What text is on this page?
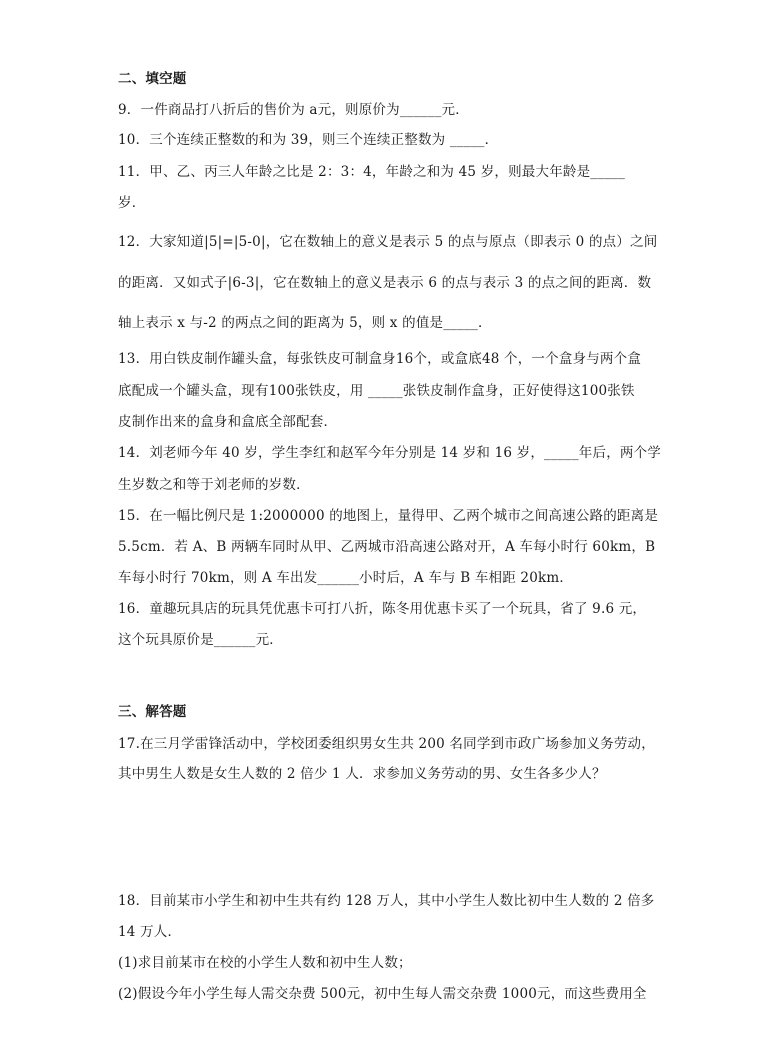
二、填空题
9．一件商品打八折后的售价为 a元，则原价为______元．
10．三个连续正整数的和为 39，则三个连续正整数为 _____．
11．甲、乙、丙三人年龄之比是 2：3：4，年龄之和为 45 岁，则最大年龄是_____
岁．
12．大家知道|5|=|5-0|，它在数轴上的意义是表示 5 的点与原点（即表示 0 的点）之间
的距离．又如式子|6-3|，它在数轴上的意义是表示 6 的点与表示 3 的点之间的距离．数
轴上表示 x 与-2 的两点之间的距离为 5，则 x 的值是_____．
13．用白铁皮制作罐头盒，每张铁皮可制盒身16个，或盒底48 个，一个盒身与两个盒
底配成一个罐头盒，现有100张铁皮，用 _____张铁皮制作盒身，正好使得这100张铁
皮制作出来的盒身和盒底全部配套．
14．刘老师今年 40 岁，学生李红和赵军今年分别是 14 岁和 16 岁，_____年后，两个学
生岁数之和等于刘老师的岁数．
15．在一幅比例尺是 1:2000000 的地图上，量得甲、乙两个城市之间高速公路的距离是
5.5cm．若 A、B 两辆车同时从甲、乙两城市沿高速公路对开，A 车每小时行 60km，B
车每小时行 70km，则 A 车出发______小时后，A 车与 B 车相距 20km．
16．童趣玩具店的玩具凭优惠卡可打八折，陈冬用优惠卡买了一个玩具，省了 9.6 元，
这个玩具原价是______元．
三、解答题
17.在三月学雷锋活动中，学校团委组织男女生共 200 名同学到市政广场参加义务劳动，
其中男生人数是女生人数的 2 倍少 1 人．求参加义务劳动的男、女生各多少人？
18．目前某市小学生和初中生共有约 128 万人，其中小学生人数比初中生人数的 2 倍多
14 万人．
(1)求目前某市在校的小学生人数和初中生人数；
(2)假设今年小学生每人需交杂费 500元，初中生每人需交杂费 1000元，而这些费用全
